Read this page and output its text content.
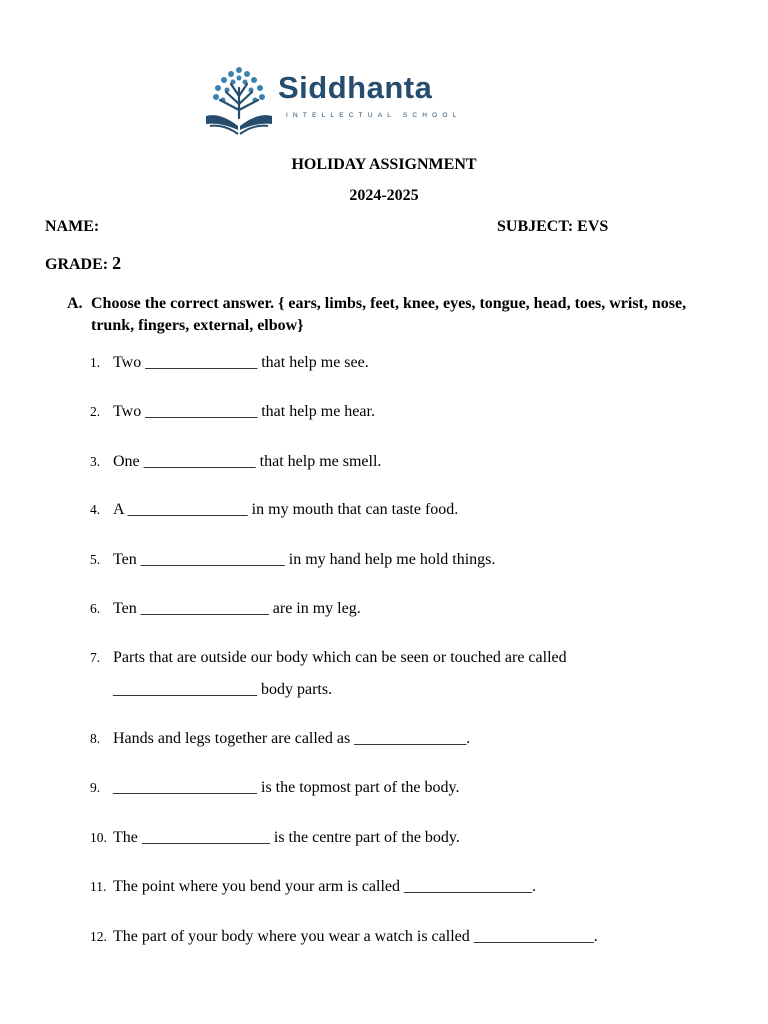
Siddhanta
INTELLECTUAL SCHOOL
HOLIDAY ASSIGNMENT
2024-2025
NAME:	SUBJECT: EVS
GRADE: 2
A. Choose the correct answer. { ears, limbs, feet, knee, eyes, tongue, head, toes, wrist, nose, trunk, fingers, external, elbow}
1. Two ______________ that help me see.
2. Two ______________ that help me hear.
3. One ______________ that help me smell.
4. A _______________ in my mouth that can taste food.
5. Ten __________________ in my hand help me hold things.
6. Ten ________________ are in my leg.
7. Parts that are outside our body which can be seen or touched are called
__________________ body parts.
8. Hands and legs together are called as ______________.
9. __________________ is the topmost part of the body.
10. The ________________ is the centre part of the body.
11. The point where you bend your arm is called ________________.
12. The part of your body where you wear a watch is called _______________.
